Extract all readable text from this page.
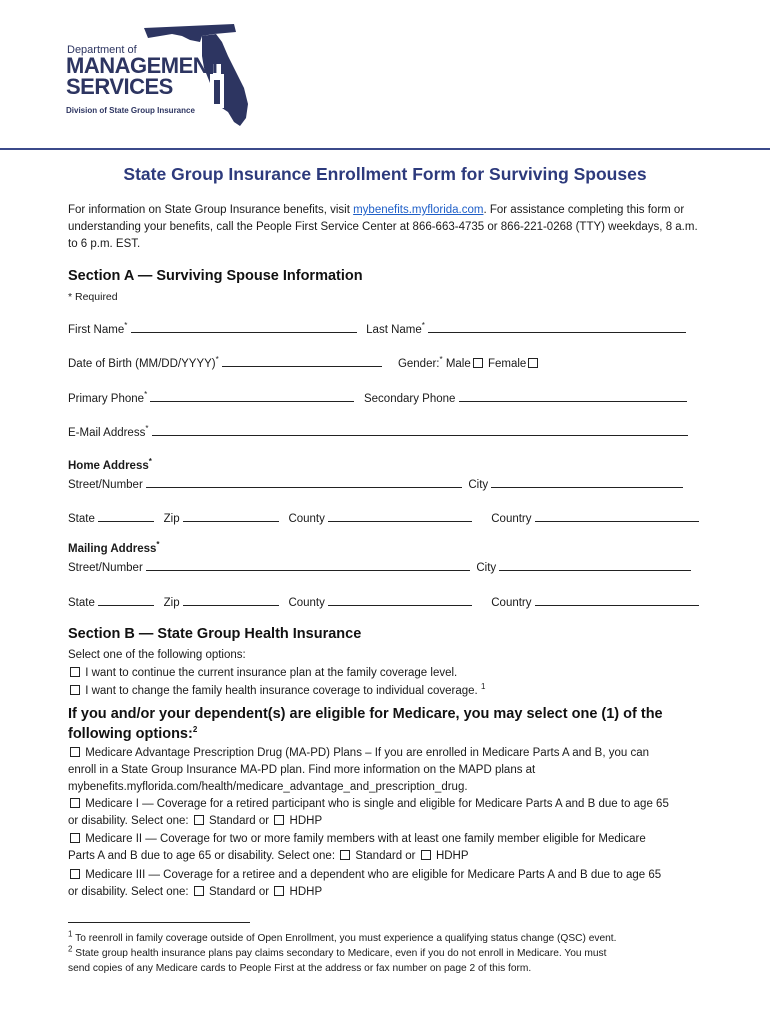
Department of
MANAGEMENT
SERVICES
Division of State Group Insurance
State Group Insurance Enrollment Form for Surviving Spouses
For information on State Group Insurance benefits, visit mybenefits.myflorida.com. For assistance completing this form or understanding your benefits, call the People First Service Center at 866-663-4735 or 866-221-0268 (TTY) weekdays, 8 a.m. to 6 p.m. EST.
Section A — Surviving Spouse Information
* Required
First Name*	Last Name*
Date of Birth (MM/DD/YYYY)*	Gender:* Male Female
Primary Phone*	Secondary Phone
E-Mail Address*
Home Address*
Street/Number	City
State	Zip	County	Country
Mailing Address*
Street/Number	City
State	Zip	County	Country
Section B — State Group Health Insurance
Select one of the following options:
I want to continue the current insurance plan at the family coverage level.
I want to change the family health insurance coverage to individual coverage. $^1$
If you and/or your dependent(s) are eligible for Medicare, you may select one (1) of the following options:$^2$
Medicare Advantage Prescription Drug (MA-PD) Plans – If you are enrolled in Medicare Parts A and B, you can
enroll in a State Group Insurance MA-PD plan. Find more information on the MAPD plans at
mybenefits.myflorida.com/health/medicare_advantage_and_prescription_drug.
Medicare I — Coverage for a retired participant who is single and eligible for Medicare Parts A and B due to age 65
or disability. Select one: Standard or HDHP
Medicare II — Coverage for two or more family members with at least one family member eligible for Medicare
Parts A and B due to age 65 or disability. Select one: Standard or HDHP
Medicare III — Coverage for a retiree and a dependent who are eligible for Medicare Parts A and B due to age 65
or disability. Select one: Standard or HDHP
$^1$ To reenroll in family coverage outside of Open Enrollment, you must experience a qualifying status change (QSC) event.
$^2$ State group health insurance plans pay claims secondary to Medicare, even if you do not enroll in Medicare. You must
send copies of any Medicare cards to People First at the address or fax number on page 2 of this form.
